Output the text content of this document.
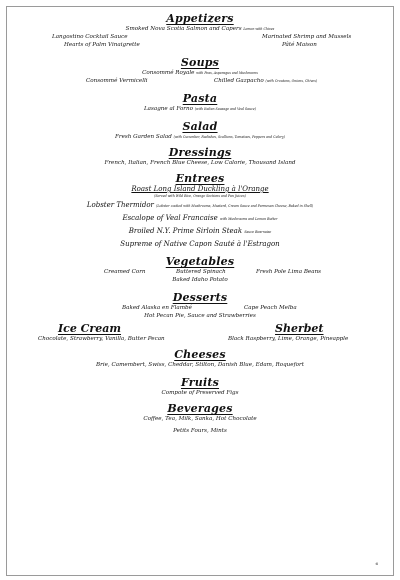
Appetizers
Smoked Nova Scotia Salmon and Capers Lemon with Chives
Langostino Cocktail Sauce	Marinated Shrimp and Mussels
Hearts of Palm Vinaigrette	Pâté Maison
Soups
Consommé Royale with Peas, Asparagus and Mushrooms
Consommé Vermicelli	Chilled Gazpacho (with Croutons, Onions, Chives)
Pasta
Lasagne al Forno (with Italian Sausage and Veal Sauce)
Salad
Fresh Garden Salad (with Cucumber, Radishes, Scallions, Tomatoes, Peppers and Celery)
Dressings
French, Italian, French Blue Cheese, Low Calorie, Thousand Island
Entrees
Roast Long Island Duckling à l'Orange
(Served with Wild Rice, Orange Sections and Pan Juices)
Lobster Thermidor (Lobster cooked with Mushrooms, Mustard, Cream Sauce and Parmesan Cheese, Baked in Shell)
Escalope of Veal Francaise with Mushrooms and Lemon Butter
Broiled N.Y. Prime Sirloin Steak Sauce Bearnaise
Supreme of Native Capon Sauté à l'Estragon
Vegetables
Creamed Corn	Buttered Spinach	Fresh Pole Lima Beans
Baked Idaho Potato
Desserts
Baked Alaska en Flambé	Cape Peach Melba
Hot Pecan Pie, Sauce and Strawberries
Ice Cream	Sherbet
Chocolate, Strawberry, Vanilla, Butter Pecan	Black Raspberry, Lime, Orange, Pineapple
Cheeses
Brie, Camembert, Swiss, Cheddar, Stilton, Danish Blue, Edam, Roquefort
Fruits
Compote of Preserved Figs
Beverages
Coffee, Tea, Milk, Sanka, Hot Chocolate
Petits Fours, Mints
6
